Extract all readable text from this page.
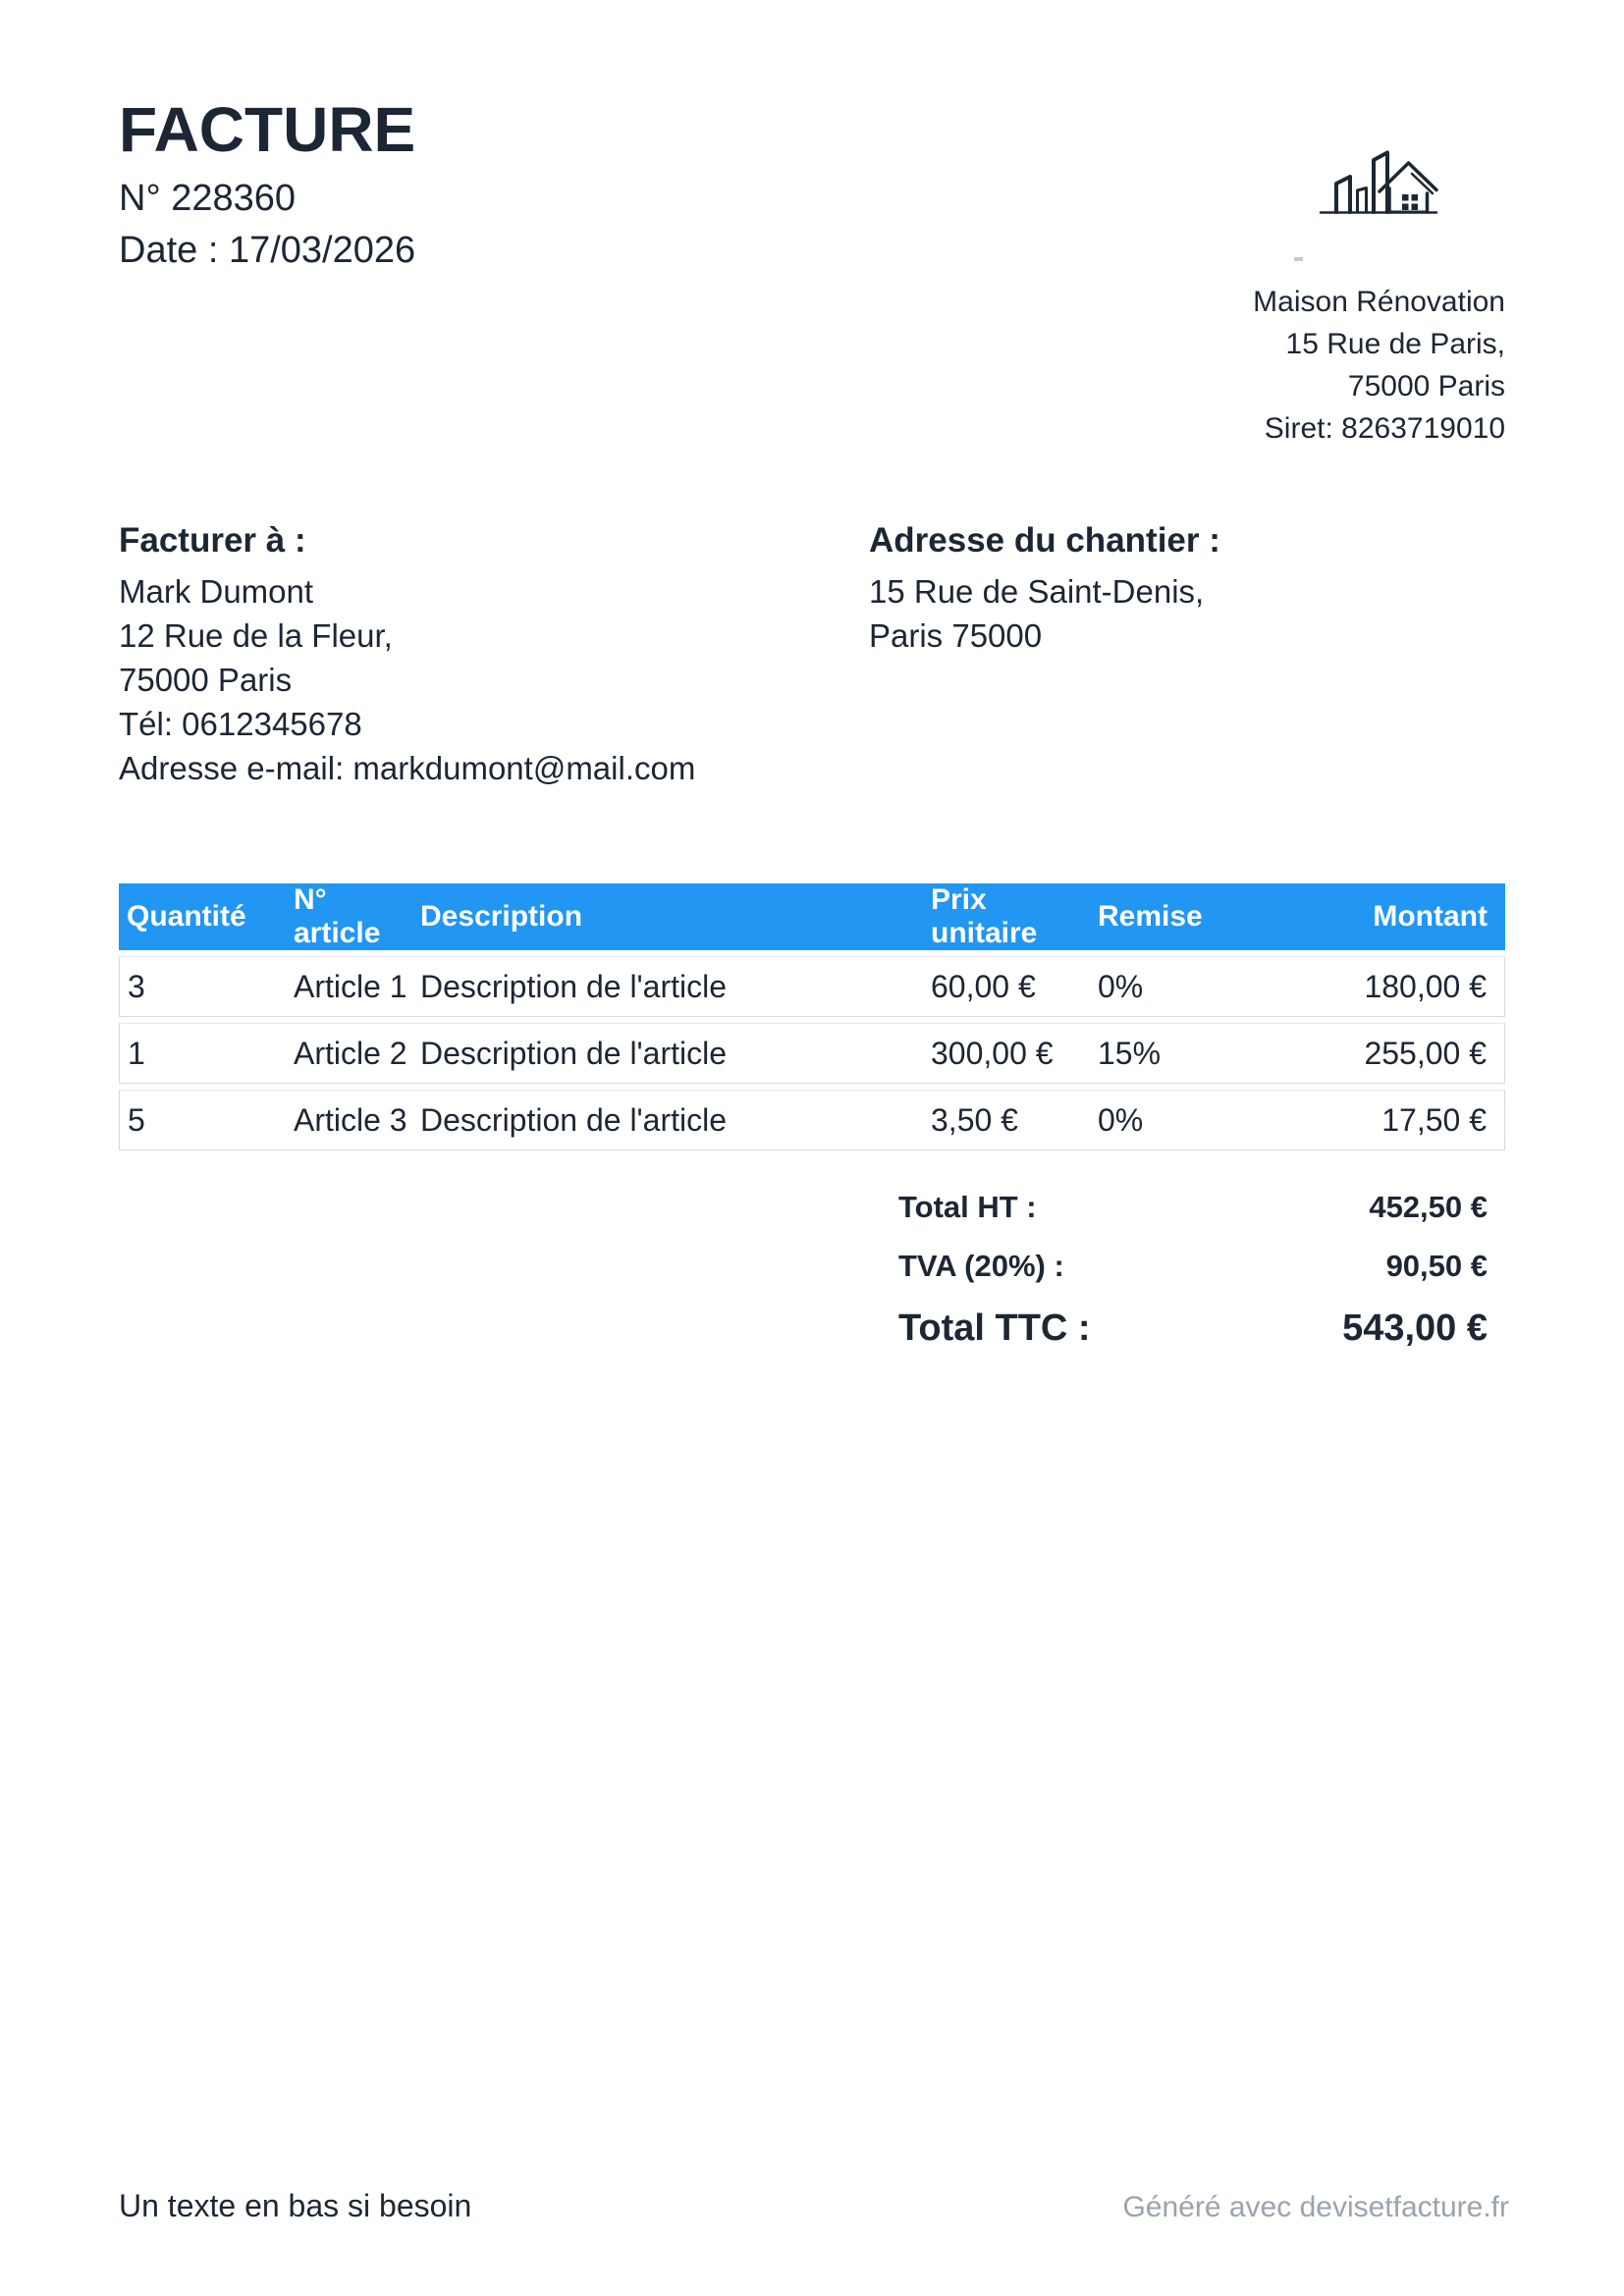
FACTURE
N° 228360
Date : 17/03/2026
Maison Rénovation
15 Rue de Paris,
75000 Paris
Siret: 8263719010
Facturer à :
Mark Dumont
12 Rue de la Fleur,
75000 Paris
Tél: 0612345678
Adresse e-mail: markdumont@mail.com
Adresse du chantier :
15 Rue de Saint-Denis,
Paris 75000
Quantité	N° article	Description	Prix unitaire	Remise	Montant
3	Article 1	Description de l'article	60,00 €	0%	180,00 €
1	Article 2	Description de l'article	300,00 €	15%	255,00 €
5	Article 3	Description de l'article	3,50 €	0%	17,50 €
Total HT :	452,50 €
TVA (20%) :	90,50 €
Total TTC :	543,00 €
Un texte en bas si besoin	Généré avec devisetfacture.fr
